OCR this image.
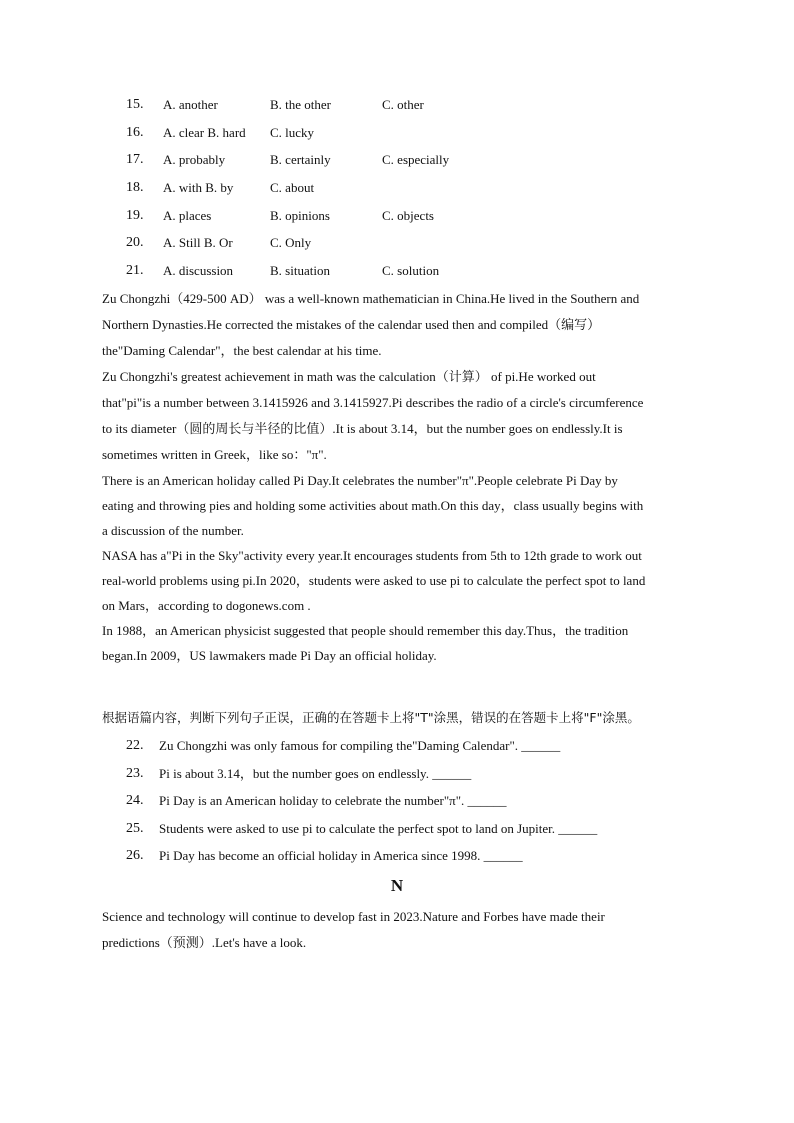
15.	A. another	B. the other	C. other
16.	A. clear B. hard C. lucky
17.	A. probably	B. certainly	C. especially
18.	A. with B. by	C. about
19.	A. places	B. opinions	C. objects
20.	A. Still B. Or	C. Only
21.	A. discussion	B. situation	C. solution
Zu Chongzhi（429-500 AD） was a well-known mathematician in China.He lived in the Southern and
Northern Dynasties.He corrected the mistakes of the calendar used then and compiled（编写）
the"Daming Calendar"，the best calendar at his time.
Zu Chongzhi's greatest achievement in math was the calculation（计算） of pi.He worked out
that"pi"is a number between 3.1415926 and 3.1415927.Pi describes the radio of a circle's circumference
to its diameter（圆的周长与半径的比值）.It is about 3.14，but the number goes on endlessly.It is
sometimes written in Greek，like so："π".
There is an American holiday called Pi Day.It celebrates the number"π".People celebrate Pi Day by
eating and throwing pies and holding some activities about math.On this day，class usually begins with
a discussion of the number.
NASA has a"Pi in the Sky"activity every year.It encourages students from 5th to 12th grade to work out
real-world problems using pi.In 2020，students were asked to use pi to calculate the perfect spot to land
on Mars，according to dogonews.com .
In 1988，an American physicist suggested that people should remember this day.Thus，the tradition
began.In 2009，US lawmakers made Pi Day an official holiday.
根据语篇内容，判断下列句子正误，正确的在答题卡上将"T"涂黑，错误的在答题卡上将"F"涂黑。
22. Zu Chongzhi was only famous for compiling the"Daming Calendar". ______
23. Pi is about 3.14，but the number goes on endlessly. ______
24. Pi Day is an American holiday to celebrate the number"π". ______
25. Students were asked to use pi to calculate the perfect spot to land on Jupiter. ______
26. Pi Day has become an official holiday in America since 1998. ______
N
Science and technology will continue to develop fast in 2023.Nature and Forbes have made their
predictions（预测）.Let's have a look.
